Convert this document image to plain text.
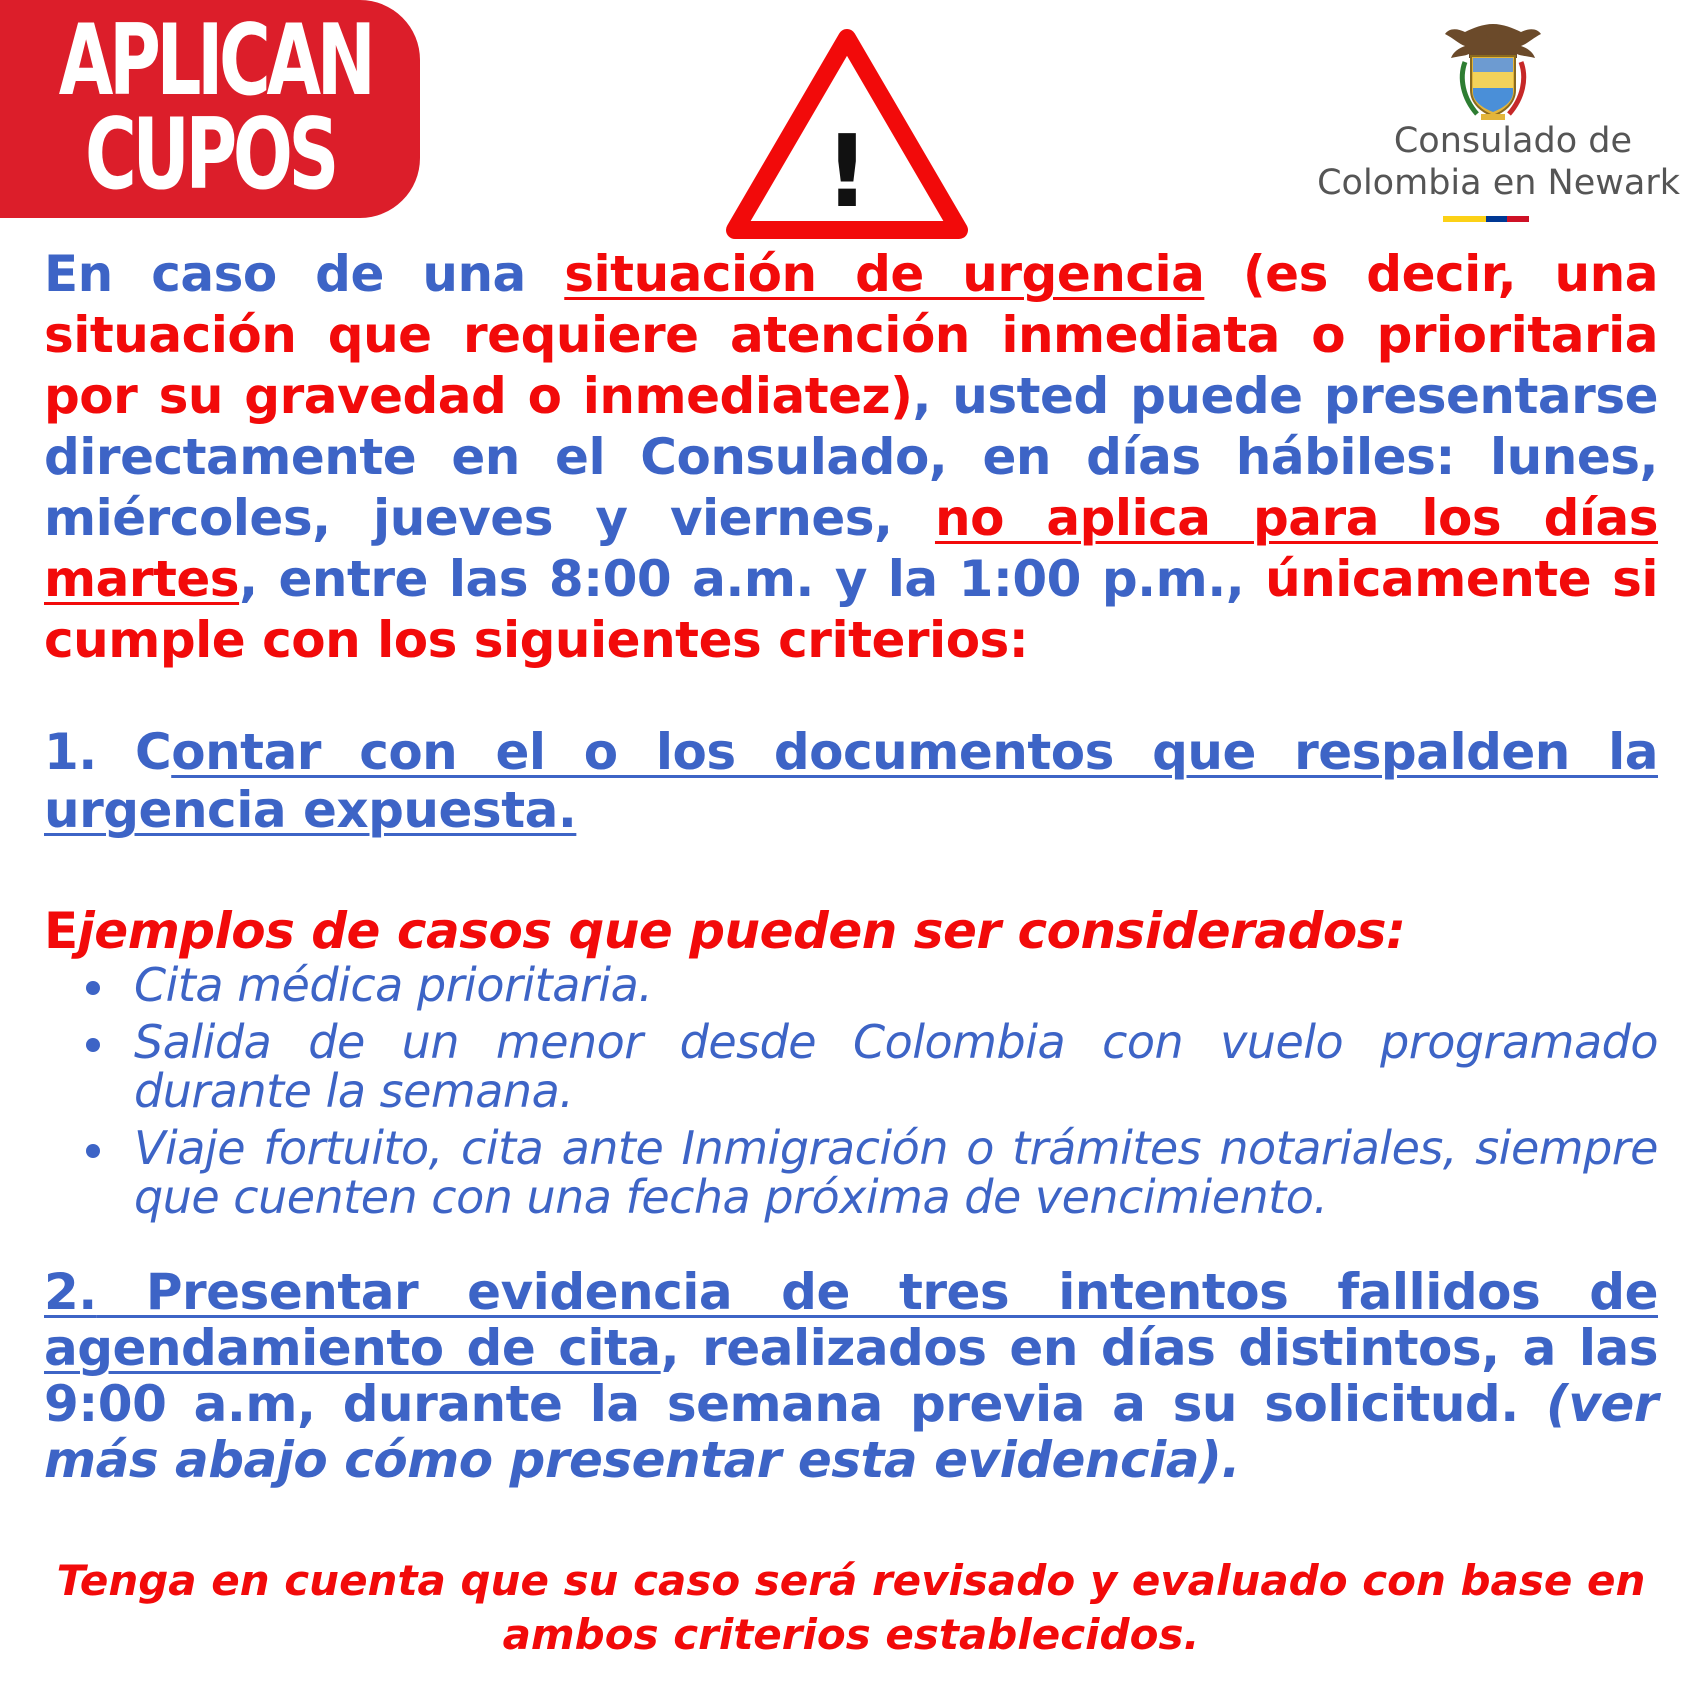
APLICAN
CUPOS	!	Consulado de
Colombia en Newark

En caso de una situación de urgencia (es decir, una situación que requiere atención inmediata o prioritaria por su gravedad o inmediatez), usted puede presentarse directamente en el Consulado, en días hábiles: lunes, miércoles, jueves y viernes, no aplica para los días martes, entre las 8:00 a.m. y la 1:00 p.m., únicamente si cumple con los siguientes criterios:

1. Contar con el o los documentos que respalden la urgencia expuesta.

Ejemplos de casos que pueden ser considerados:

Cita médica prioritaria.
Salida de un menor desde Colombia con vuelo programado durante la semana.
Viaje fortuito, cita ante Inmigración o trámites notariales, siempre que cuenten con una fecha próxima de vencimiento.

2. Presentar evidencia de tres intentos fallidos de agendamiento de cita, realizados en días distintos, a las 9:00 a.m, durante la semana previa a su solicitud. (ver más abajo cómo presentar esta evidencia).

Tenga en cuenta que su caso será revisado y evaluado con base en
ambos criterios establecidos.
